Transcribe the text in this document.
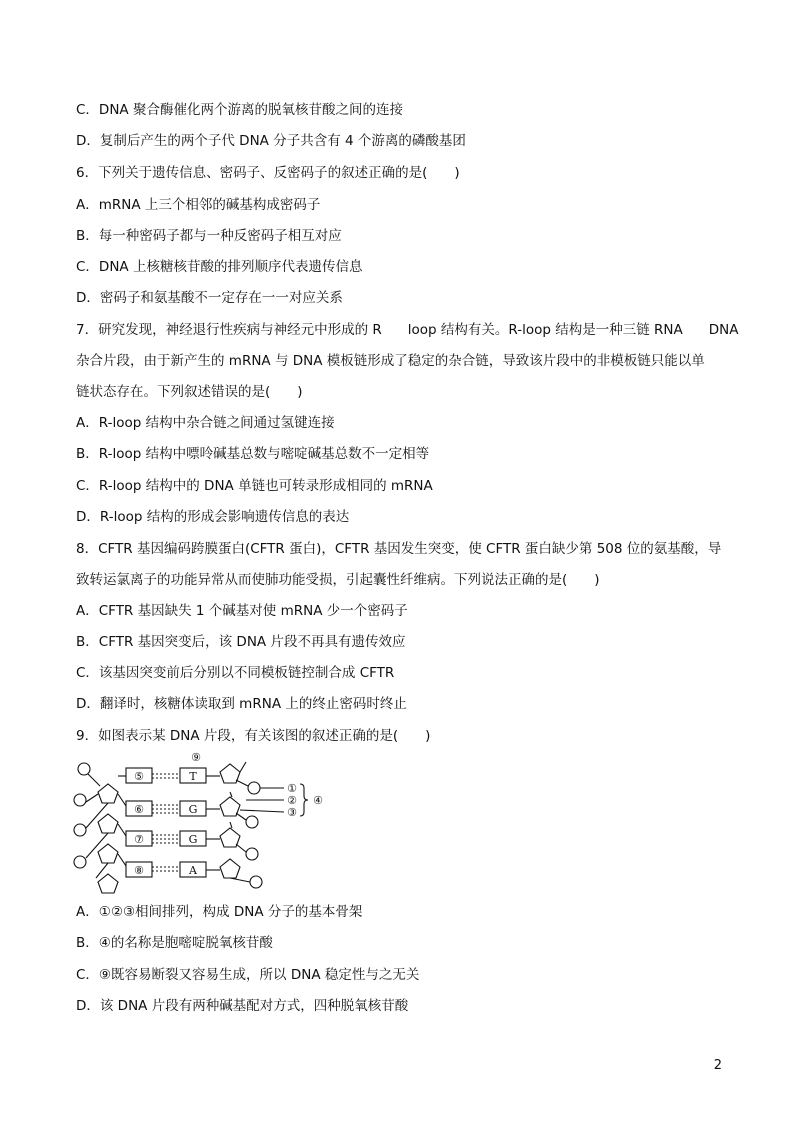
C．DNA 聚合酶催化两个游离的脱氧核苷酸之间的连接
D．复制后产生的两个子代 DNA 分子共含有 4 个游离的磷酸基团
6．下列关于遗传信息、密码子、反密码子的叙述正确的是(　　)
A．mRNA 上三个相邻的碱基构成密码子
B．每一种密码子都与一种反密码子相互对应
C．DNA 上核糖核苷酸的排列顺序代表遗传信息
D．密码子和氨基酸不一定存在一一对应关系
7．研究发现，神经退行性疾病与神经元中形成的 R loop 结构有关。R-loop 结构是一种三链 RNA DNA
杂合片段，由于新产生的 mRNA 与 DNA 模板链形成了稳定的杂合链，导致该片段中的非模板链只能以单
链状态存在。下列叙述错误的是(　　)
A．R-loop 结构中杂合链之间通过氢键连接
B．R-loop 结构中嘌呤碱基总数与嘧啶碱基总数不一定相等
C．R-loop 结构中的 DNA 单链也可转录形成相同的 mRNA
D．R-loop 结构的形成会影响遗传信息的表达
8．CFTR 基因编码跨膜蛋白(CFTR 蛋白)，CFTR 基因发生突变，使 CFTR 蛋白缺少第 508 位的氨基酸，导
致转运氯离子的功能异常从而使肺功能受损，引起囊性纤维病。下列说法正确的是(　　)
A．CFTR 基因缺失 1 个碱基对使 mRNA 少一个密码子
B．CFTR 基因突变后，该 DNA 片段不再具有遗传效应
C．该基因突变前后分别以不同模板链控制合成 CFTR
D．翻译时，核糖体读取到 mRNA 上的终止密码时终止
9．如图表示某 DNA 片段，有关该图的叙述正确的是(　　)
⑨
⑤
⑥
⑦
⑧
T
G
G
A
①
②
③
④
A．①②③相间排列，构成 DNA 分子的基本骨架
B．④的名称是胞嘧啶脱氧核苷酸
C．⑨既容易断裂又容易生成，所以 DNA 稳定性与之无关
D．该 DNA 片段有两种碱基配对方式，四种脱氧核苷酸
2
